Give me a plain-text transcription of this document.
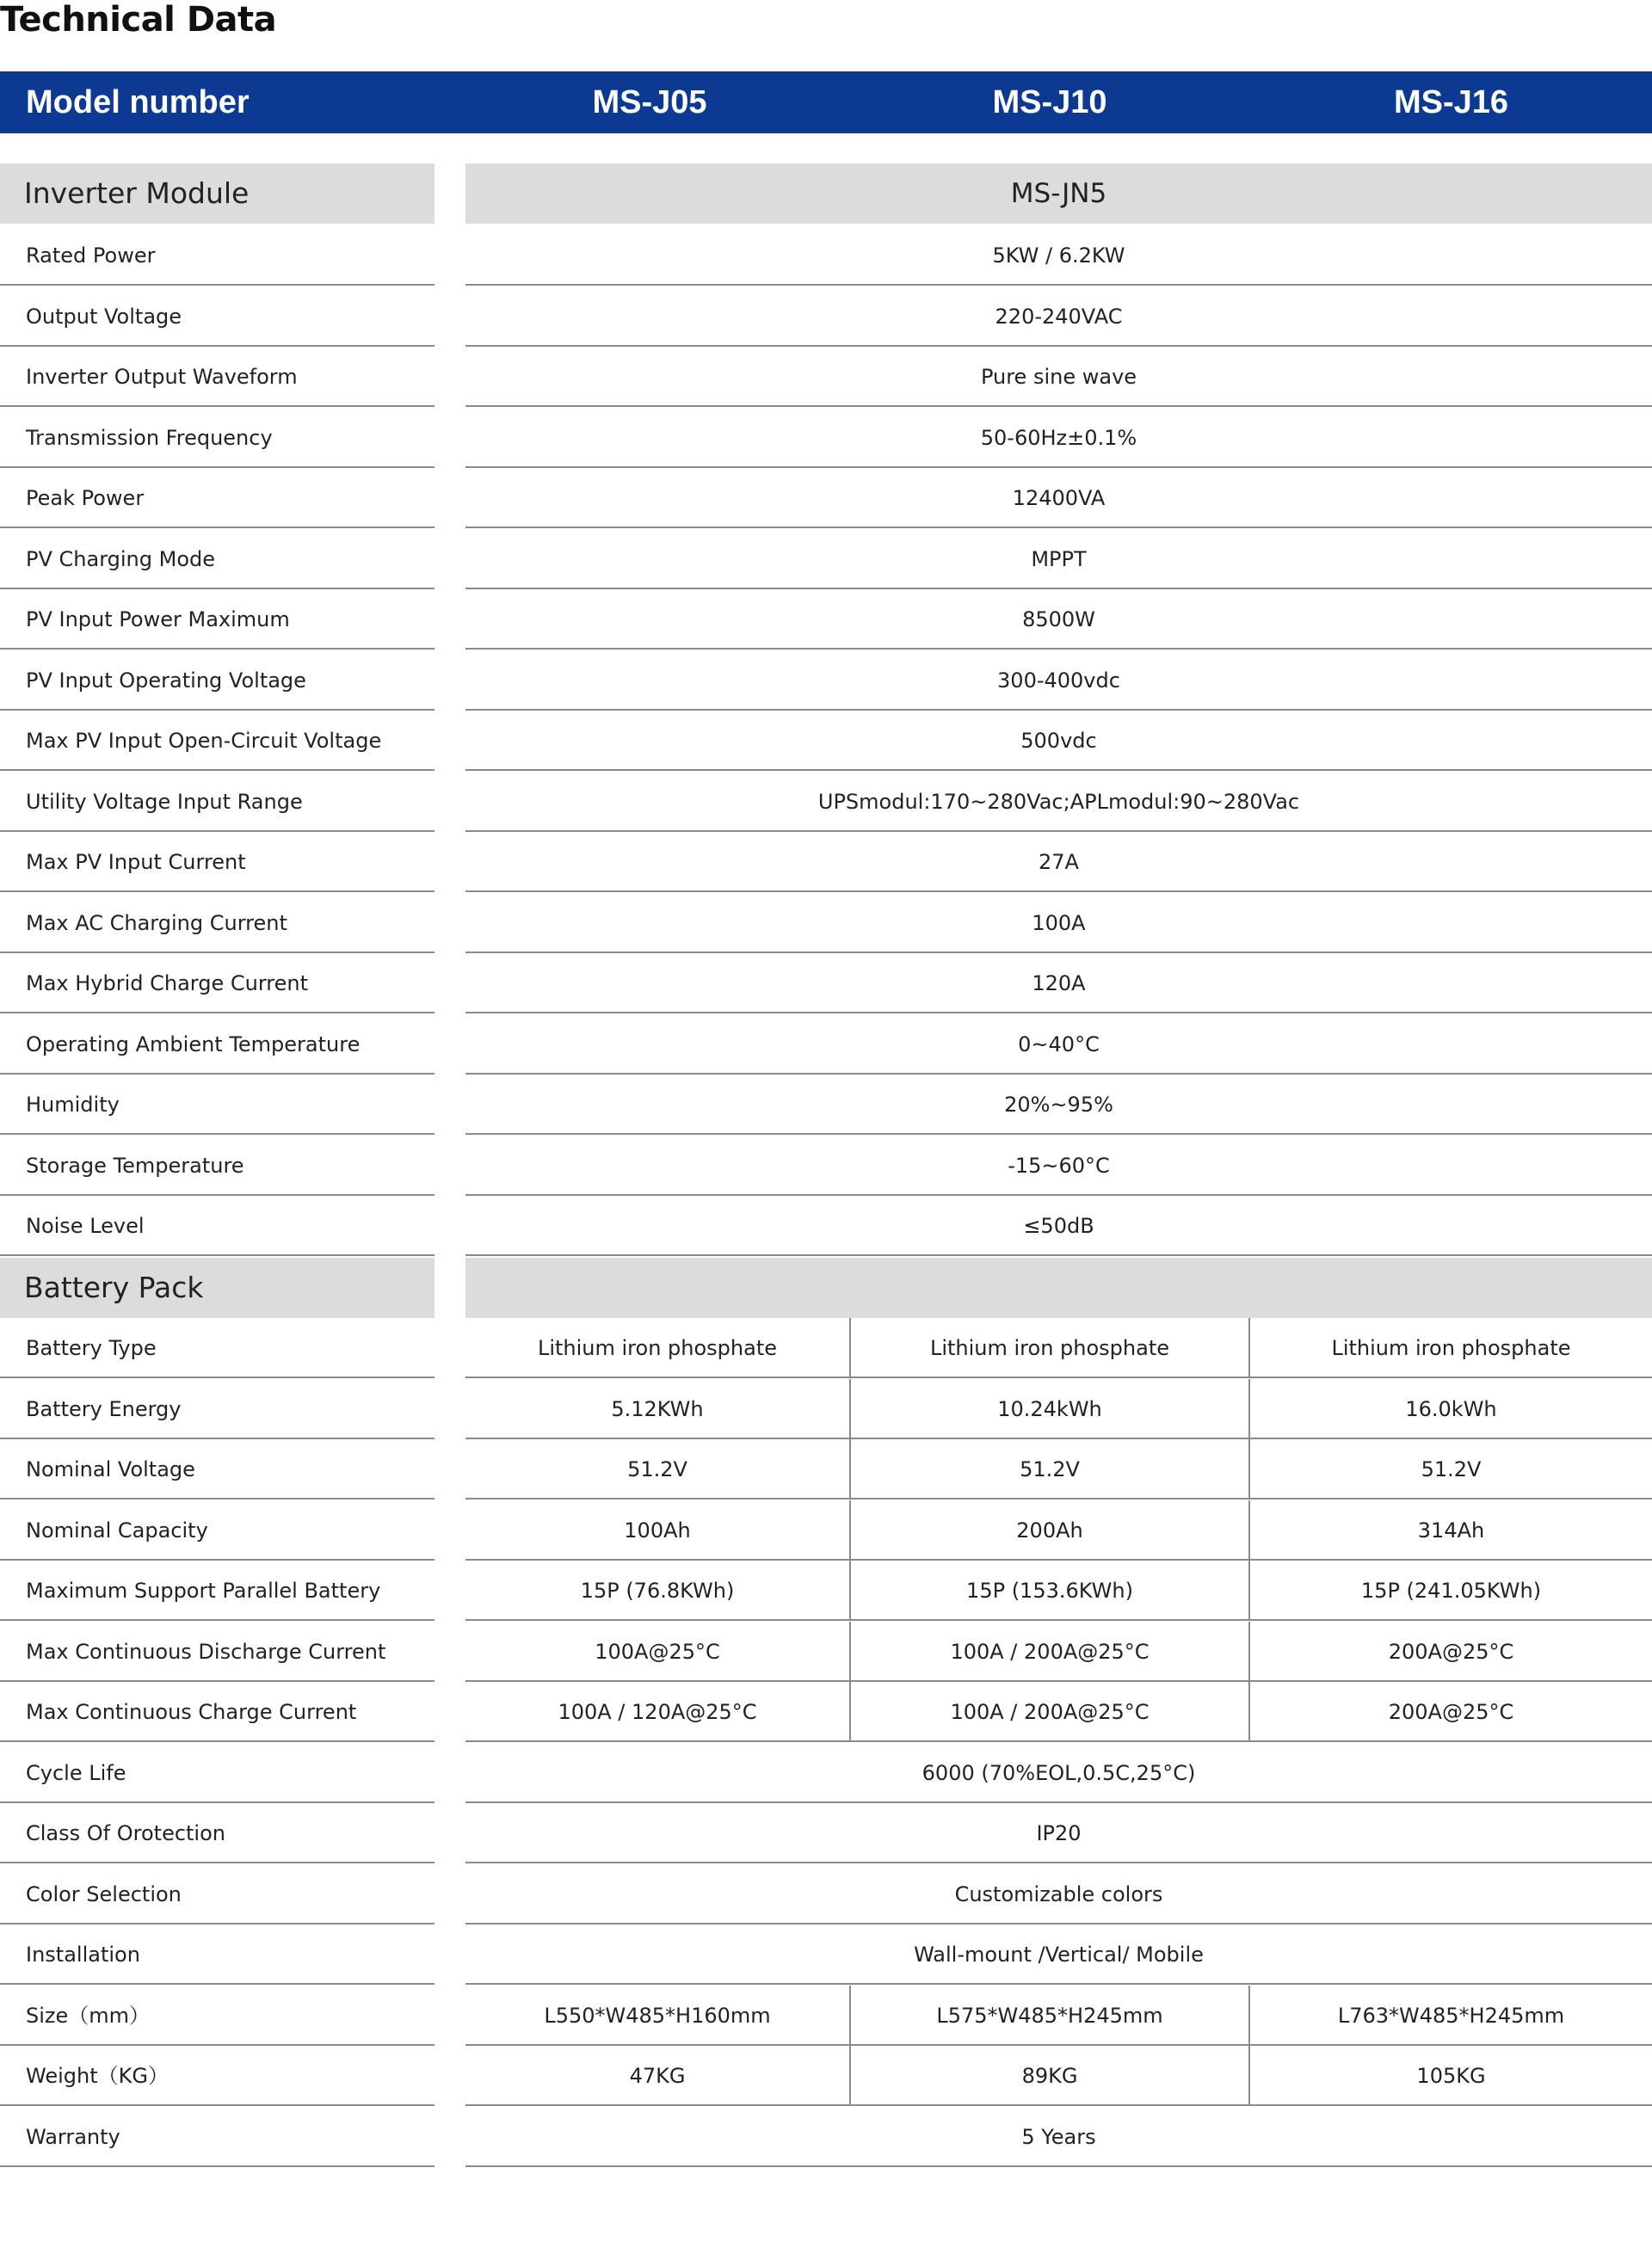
Technical Data
Model number	MS-J05	MS-J10	MS-J16
Inverter Module	MS-JN5
Rated Power	5KW / 6.2KW
Output Voltage	220-240VAC
Inverter Output Waveform	Pure sine wave
Transmission Frequency	50-60Hz±0.1%
Peak Power	12400VA
PV Charging Mode	MPPT
PV Input Power Maximum	8500W
PV Input Operating Voltage	300-400vdc
Max PV Input Open-Circuit Voltage	500vdc
Utility Voltage Input Range	UPSmodul:170~280Vac;APLmodul:90~280Vac
Max PV Input Current	27A
Max AC Charging Current	100A
Max Hybrid Charge Current	120A
Operating Ambient Temperature	0~40°C
Humidity	20%~95%
Storage Temperature	-15~60°C
Noise Level	≤50dB
Battery Pack
Battery Type	Lithium iron phosphate	Lithium iron phosphate	Lithium iron phosphate
Battery Energy	5.12KWh	10.24kWh	16.0kWh
Nominal Voltage	51.2V	51.2V	51.2V
Nominal Capacity	100Ah	200Ah	314Ah
Maximum Support Parallel Battery	15P (76.8KWh)	15P (153.6KWh)	15P (241.05KWh)
Max Continuous Discharge Current	100A@25°C	100A / 200A@25°C	200A@25°C
Max Continuous Charge Current	100A / 120A@25°C	100A / 200A@25°C	200A@25°C
Cycle Life	6000 (70%EOL,0.5C,25°C)
Class Of Orotection	IP20
Color Selection	Customizable colors
Installation	Wall-mount /Vertical/ Mobile
Size（mm）	L550*W485*H160mm	L575*W485*H245mm	L763*W485*H245mm
Weight（KG）	47KG	89KG	105KG
Warranty	5 Years
